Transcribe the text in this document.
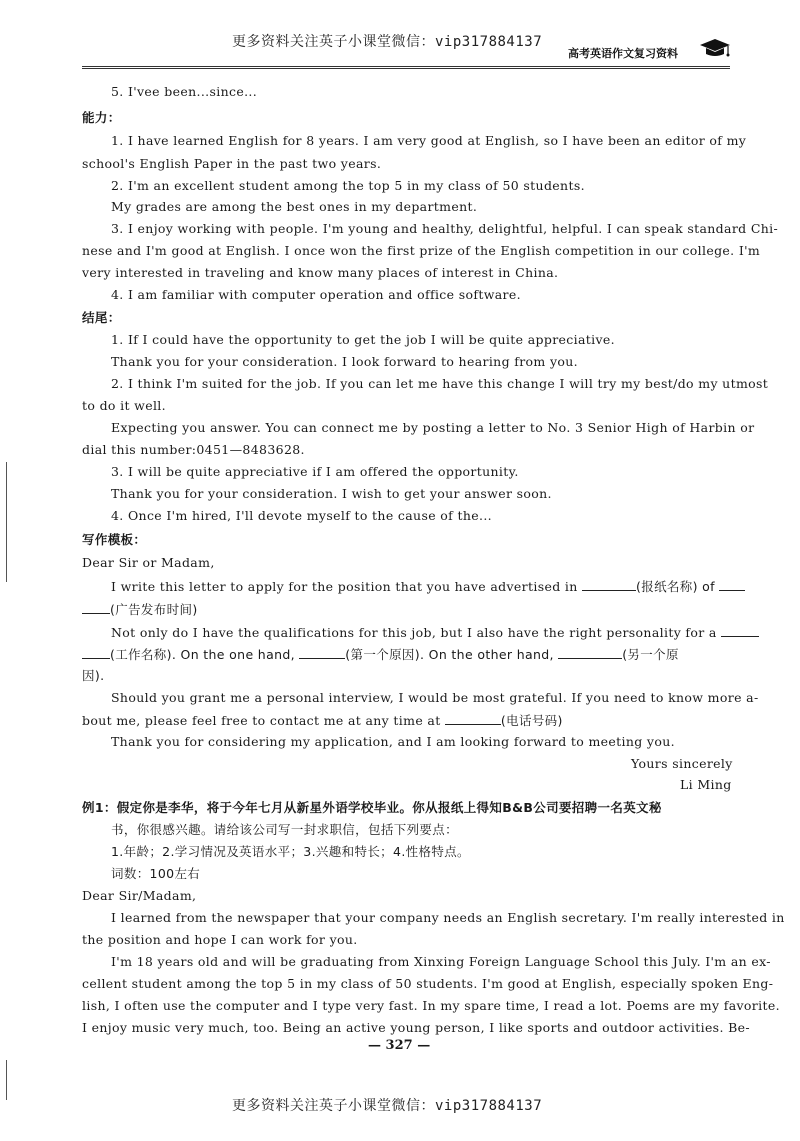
更多资料关注英子小课堂微信：vip317884137
高考英语作文复习资料
5. I'vee been...since...
能力：
1. I have learned English for 8 years. I am very good at English, so I have been an editor of my
school's English Paper in the past two years.
2. I'm an excellent student among the top 5 in my class of 50 students.
My grades are among the best ones in my department.
3. I enjoy working with people. I'm young and healthy, delightful, helpful. I can speak standard Chi-
nese and I'm good at English. I once won the first prize of the English competition in our college. I'm
very interested in traveling and know many places of interest in China.
4. I am familiar with computer operation and office software.
结尾：
1. If I could have the opportunity to get the job I will be quite appreciative.
Thank you for your consideration. I look forward to hearing from you.
2. I think I'm suited for the job. If you can let me have this change I will try my best/do my utmost
to do it well.
Expecting you answer. You can connect me by posting a letter to No. 3 Senior High of Harbin or
dial this number:0451—8483628.
3. I will be quite appreciative if I am offered the opportunity.
Thank you for your consideration. I wish to get your answer soon.
4. Once I'm hired, I'll devote myself to the cause of the...
写作模板：
Dear Sir or Madam,
I write this letter to apply for the position that you have advertised in	(报纸名称) of
(广告发布时间)
Not only do I have the qualifications for this job, but I also have the right personality for a
(工作名称). On the one hand,	(第一个原因). On the other hand,	(另一个原
因).
Should you grant me a personal interview, I would be most grateful. If you need to know more a-
bout me, please feel free to contact me at any time at	(电话号码)
Thank you for considering my application, and I am looking forward to meeting you.
Yours sincerely
Li Ming
例1：假定你是李华，将于今年七月从新星外语学校毕业。你从报纸上得知B&B公司要招聘一名英文秘
书，你很感兴趣。请给该公司写一封求职信，包括下列要点：
1.年龄；2.学习情况及英语水平；3.兴趣和特长；4.性格特点。
词数：100左右
Dear Sir/Madam,
I learned from the newspaper that your company needs an English secretary. I'm really interested in
the position and hope I can work for you.
I'm 18 years old and will be graduating from Xinxing Foreign Language School this July. I'm an ex-
cellent student among the top 5 in my class of 50 students. I'm good at English, especially spoken Eng-
lish, I often use the computer and I type very fast. In my spare time, I read a lot. Poems are my favorite.
I enjoy music very much, too. Being an active young person, I like sports and outdoor activities. Be-
— 327 —
更多资料关注英子小课堂微信：vip317884137
